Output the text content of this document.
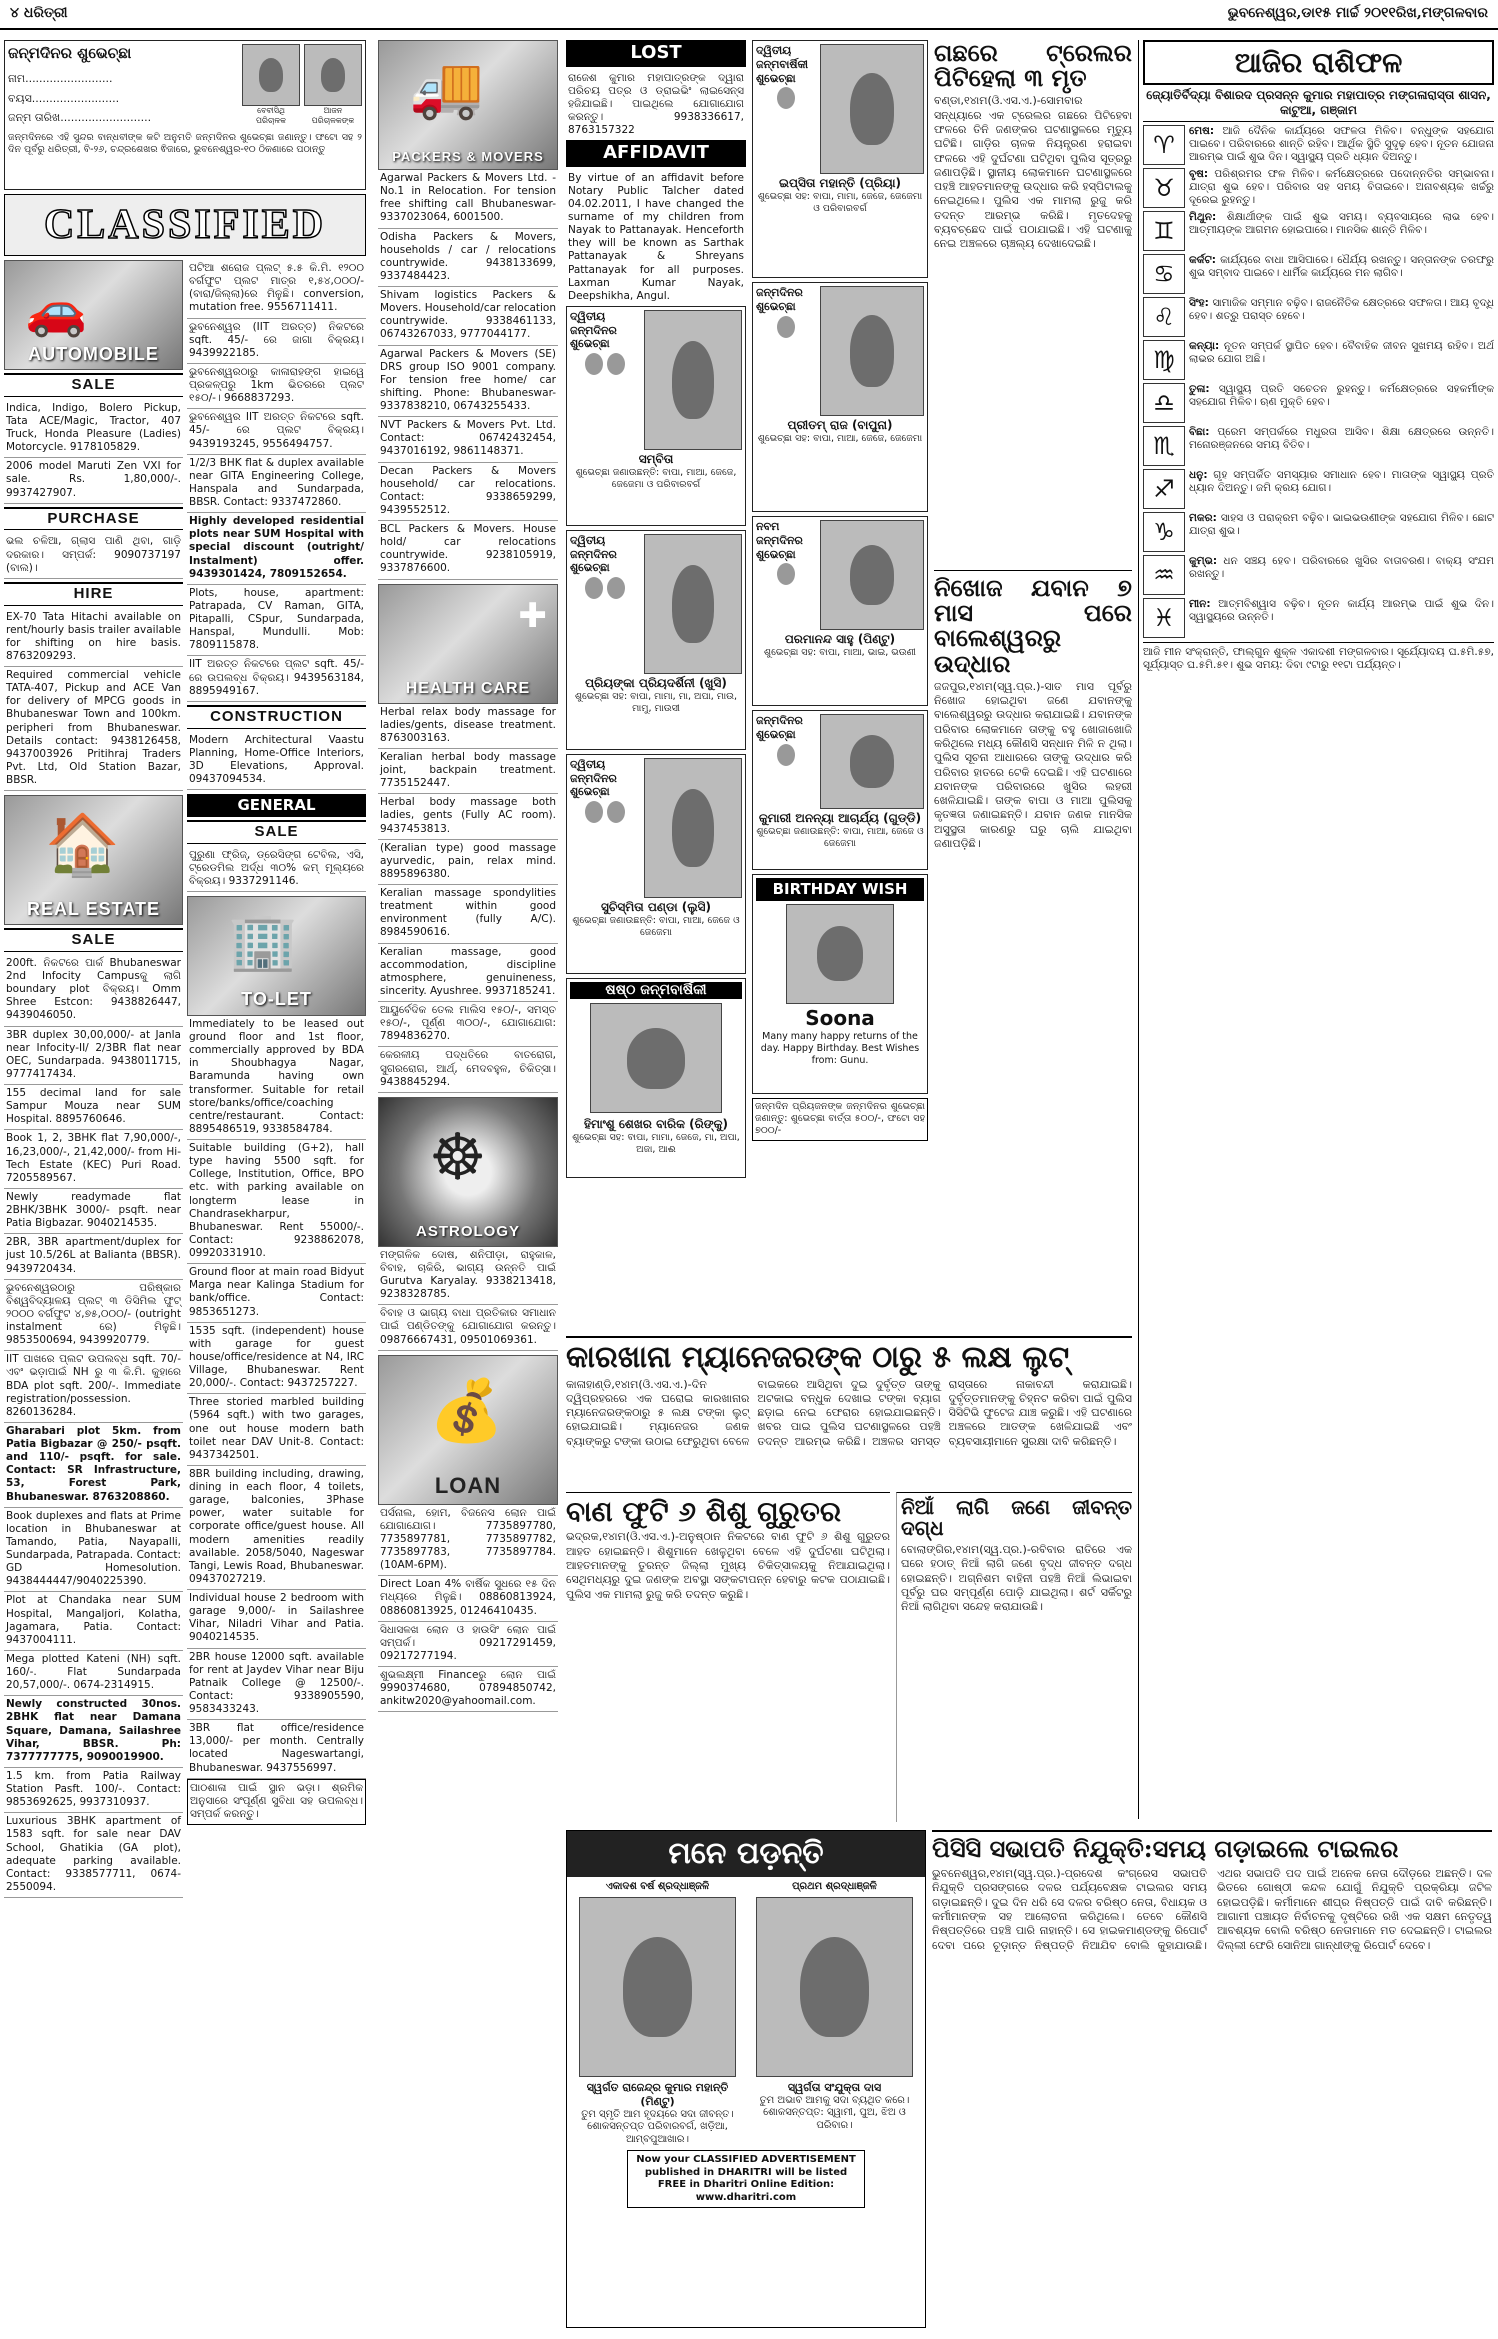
୪ ଧରିତ୍ରୀ	ଭୁବନେଶ୍ୱର,ଡା୧୫ ମାର୍ଚ୍ଚ ୨୦୧୧ରିଖ,ମଙ୍ଗଳବାର
ଜନ୍ମଦିନର ଶୁଭେଚ୍ଛା
ନାମ.........................
ବୟସ.........................
ଜନ୍ମ ତାରିଖ..........................
ବେବୀସିଥି ପରିଚାଳକ
ଆଜନ ପରିଚାଳକଙ୍କ
ଜନ୍ମଦିନରେ ଏହି ସୁନ୍ଦର ବାନ୍ଧବୀଙ୍କ କଟି ଅନୁମତି ଜନ୍ମଦିନର ଶୁଭେଚ୍ଛା ଜଣାନ୍ତୁ। ଫଟୋ ସହ ୨ ଦିନ ପୂର୍ବରୁ ଧରିତ୍ରୀ, ବି-୨୬, ଚନ୍ଦ୍ରଶେଖର ଵିଜାରେ, ଭୁବନେଶ୍ୱର-୧୦ ଠିକଣାରେ ପଠାନ୍ତୁ
CLASSIFIED
🚗
AUTOMOBILE
SALE
Indica, Indigo, Bolero Pickup, Tata ACE/Magic, Tractor, 407 Truck, Honda Pleasure (Ladies) Motorcycle. 9178105829.
2006 model Maruti Zen VXI for sale. Rs. 1,80,000/-. 9937427907.
PURCHASE
ଭଲ ଚଳିଆ, ଗ୍ଲାସ ପାଣି ଥିବା, ଗାଡ଼ି ଦରକାର। ସମ୍ପର୍କ: 9090737197 (ବାଲ)।
HIRE
EX-70 Tata Hitachi available on rent/hourly basis trailer available for shifting on hire basis. 8763209293.
Required commercial vehicle TATA-407, Pickup and ACE Van for delivery of MPCG goods in Bhubaneswar Town and 100km. peripheri from Bhubaneswar. Details contact: 9438126458, 9437003926 Pritihraj Traders Pvt. Ltd, Old Station Bazar, BBSR.
🏠
REAL ESTATE
SALE
200ft. ନିକଟରେ ପାର୍କ Bhubaneswar 2nd Infocity Campusକୁ ଲାଗି boundary plot ବିକ୍ରୟ। Omm Shree Estcon: 9438826447, 9439046050.
3BR duplex 30,00,000/- at Janla near Infocity-II/ 2/3BR flat near OEC, Sundarpada. 9438011715, 9777417434.
155 decimal land for sale Sampur Mouza near SUM Hospital. 8895760646.
Book 1, 2, 3BHK flat 7,90,000/-, 16,23,000/-, 21,42,000/- from Hi-Tech Estate (KEC) Puri Road. 7205589567.
Newly readymade flat 2BHK/3BHK 3000/- psqft. near Patia Bigbazar. 9040214535.
2BR, 3BR apartment/duplex for just 10.5/26L at Balianta (BBSR). 9439720434.
ଭୁବନେଶ୍ୱରଠାରୁ ପରିଷ୍କାର ବିଶ୍ୱବିଦ୍ୟାଳୟ ପ୍ଲଟ୍ ୩ ଡିସିମିଲ ଫୁଟ୍ ୨୦୦୦ ବର୍ଗଫୁଟ ୪,୭୫,୦୦୦/- (outright instalment ରେ) ମିଳୁଛି। 9853500694, 9439920779.
IIT ପାଖରେ ପ୍ଲଟ ଉପଲବ୍ଧ sqft. 70/- ଏବଂ ଭଡ଼ାପାଇଁ NH ରୁ ୩ କି.ମି. କୁହାରେ BDA plot sqft. 200/-. Immediate registration/possession. 8260136284.
Gharabari plot 5km. from Patia Bigbazar @ 250/- psqft. and 110/- psqft. for sale. Contact: SR Infrastructure, 53, Forest Park, Bhubaneswar. 8763208860.
Book duplexes and flats at Prime location in Bhubaneswar at Tamando, Patia, Nayapalli, Sundarpada, Patrapada. Contact: GD Homesolution. 9438444447/9040225390.
Plot at Chandaka near SUM Hospital, Mangaljori, Kolatha, Jagamara, Patia. Contact: 9437004111.
Mega plotted Kateni (NH) sqft. 160/-. Flat Sundarpada 20,57,000/-. 0674-2314915.
Newly constructed 30nos. 2BHK flat near Damana Square, Damana, Sailashree Vihar, BBSR. Ph: 7377777775, 9090019900.
1.5 km. from Patia Railway Station Pasft. 100/-. Contact: 9853692625, 9937310937.
Luxurious 3BHK apartment of 1583 sqft. for sale near DAV School, Ghatikia (GA plot), adequate parking available. Contact: 9338577711, 0674-2550094.
ପଟିଆ ଶରୋଜ ପ୍ଲଟ୍ ୫.୫ କି.ମି. ୧୨୦୦ ବର୍ଗଫୁଟ ପ୍ଲଟ ମାତ୍ର ୧,୫୪,୦୦୦/- (ବାରା/ଜିଲ୍ଲା)ରେ ମିଳୁଛି। conversion, mutation free. 9556711411.
ଭୁବନେଶ୍ୱର (IIT ଅରତ୍ତ) ନିକଟରେ sqft. 45/- ରେ ଜାଗା ବିକ୍ରୟ। 9439922185.
ଭୁବନେଶ୍ୱରଠାରୁ କାଳାରାହଙ୍ଗ ହାଇୱେ ପ୍ରକଳ୍ପରୁ 1km ଭିତରରେ ପ୍ଲଟ ୧୫୦/-। 9668837293.
ଭୁବନେଶ୍ୱର IIT ଅରତ୍ତ ନିକଟରେ sqft. 45/- ରେ ପ୍ଲଟ ବିକ୍ରୟ। 9439193245, 9556494757.
1/2/3 BHK flat & duplex available near GITA Engineering College, Hanspala and Sundarpada, BBSR. Contact: 9337472860.
Highly developed residential plots near SUM Hospital with special discount (outright/ Instalment) offer. 9439301424, 7809152654.
Plots, house, apartment: Patrapada, CV Raman, GITA, Pitapalli, CSpur, Sundarpada, Hanspal, Mundulli. Mob: 7809115878.
IIT ଅରତ୍ତ ନିକଟରେ ପ୍ଲଟ sqft. 45/- ରେ ଉପଲବ୍ଧ ବିକ୍ରୟ। 9439563184, 8895949167.
CONSTRUCTION
Modern Architectural Vaastu Planning, Home-Office Interiors, 3D Elevations, Approval. 09437094534.
GENERAL
SALE
ପୁରୁଣା ଫ୍ରିଜ୍, ଡ୍ରେସିଙ୍ଗ ଟେବିଲ, ଏସି, ଟ୍ରେଡମିଲ ଅର୍ଦ୍ଧ ୩୦% କମ୍ ମୂଲ୍ୟରେ ବିକ୍ରୟ। 9337291146.
🏢
TO-LET
Immediately to be leased out ground floor and 1st floor, commercially approved by BDA in Shoubhagya Nagar, Baramunda having own transformer. Suitable for retail store/banks/office/coaching centre/restaurant. Contact: 8895486519, 9338584784.
Suitable building (G+2), hall type having 5500 sqft. for College, Institution, Office, BPO etc. with parking available on longterm lease in Chandrasekharpur, Bhubaneswar. Rent 55000/-. Contact: 9238862078, 09920331910.
Ground floor at main road Bidyut Marga near Kalinga Stadium for bank/office. Contact: 9853651273.
1535 sqft. (independent) house with garage for guest house/office/residence at N4, IRC Village, Bhubaneswar. Rent 20,000/-. Contact: 9437257227.
Three storied marbled building (5964 sqft.) with two garages, one out house modern bath toilet near DAV Unit-8. Contact: 9437342501.
8BR building including, drawing, dining in each floor, 4 toilets, garage, balconies, 3Phase power, water suitable for corporate office/guest house. All modern amenities readily available. 2058/5040, Nageswar Tangi, Lewis Road, Bhubaneswar. 09437027219.
Individual house 2 bedroom with garage 9,000/- in Sailashree Vihar, Niladri Vihar and Patia. 9040214535.
2BR house 12000 sqft. available for rent at Jaydev Vihar near Biju Patnaik College @ 12500/-. Contact: 9338905590, 9583433243.
3BR flat office/residence 13,000/- per month. Centrally located Nageswartangi, Bhubaneswar. 9437556997.
ପାଠଶାଳା ପାଇଁ ସ୍ଥାନ ଭଡ଼ା। ଶ୍ରମିକ ଅନୁସାରେ ସଂପୂର୍ଣ୍ଣ ସୁବିଧା ସହ ଉପଲବ୍ଧ। ସମ୍ପର୍କ କରନ୍ତୁ।
🚚
PACKERS & MOVERS
Agarwal Packers & Movers Ltd. - No.1 in Relocation. For tension free shifting call Bhubaneswar-9337023064, 6001500.
Odisha Packers & Movers, households / car / relocations countrywide. 9438133699, 9337484423.
Shivam logistics Packers & Movers. Household/car relocation countrywide. 9338461133, 06743267033, 9777044177.
Agarwal Packers & Movers (SE) DRS group ISO 9001 company. For tension free home/ car shifting. Phone: Bhubaneswar- 9337838210, 06743255433.
NVT Packers & Movers Pvt. Ltd. Contact: 06742432454, 9437016192, 9861148371.
Decan Packers & Movers household/ car relocations. Contact: 9338659299, 9439552512.
BCL Packers & Movers. House hold/ car relocations countrywide. 9238105919, 9337876600.
✚
HEALTH CARE
Herbal relax body massage for ladies/gents, disease treatment. 8763003163.
Keralian herbal body massage joint, backpain treatment. 7735152447.
Herbal body massage both ladies, gents (Fully AC room). 9437453813.
(Keralian type) good massage ayurvedic, pain, relax mind. 8895896380.
Keralian massage spondylities treatment within good environment (fully A/C). 8984590616.
Keralian massage, good accommodation, discipline atmosphere, genuineness, sincerity. Ayushree. 9937185241.
ଆୟୁର୍ବେଦିକ ତେଲ ମାଲିସ ୧୫୦/-, ସମସ୍ତ ୧୫୦/-, ପୂର୍ଣ୍ଣ ୩୦୦/-, ଯୋଗାଯୋଗ: 7894836270.
କେରଳୀୟ ପଦ୍ଧତିରେ ବାତରୋଗ, ସୁଗରରୋଗ, ଆର୍ଥ୍, ମେଦବହୁଳ, ଚିକିତ୍ସା। 9438845294.
☸
ASTROLOGY
ମଙ୍ଗଳିକ ଦୋଷ, ଶନିପୀଡ଼ା, ରାହୁକାଳ, ବିବାହ, ଚାକିରି, ଭାଗ୍ୟ ଉନ୍ନତି ପାଇଁ Gurutva Karyalay. 9338213418, 9238328785.
ବିବାହ ଓ ଭାଗ୍ୟ ବାଧା ପ୍ରତିକାର ସମାଧାନ ପାଇଁ ପଣ୍ଡିତଙ୍କୁ ଯୋଗାଯୋଗ କରନ୍ତୁ। 09876667431, 09501069361.
💰
LOAN
ପର୍ସନାଲ, ହୋମ, ବିଜନେସ ଲୋନ ପାଇଁ ଯୋଗାଯୋଗ। 7735897780, 7735897781, 7735897782, 7735897783, 7735897784. (10AM-6PM).
Direct Loan 4% ବାର୍ଷିକ ସୁଧରେ ୧୫ ଦିନ ମଧ୍ୟରେ ମିଳୁଛି। 08860813924, 08860813925, 01246410435.
ସିଧାସଳଖ ଲୋନ ଓ ହାଉସିଂ ଲୋନ ପାଇଁ ସମ୍ପର୍କ। 09217291459, 09217277194.
ଶୁଭଲକ୍ଷ୍ମୀ Financeରୁ ଲୋନ ପାଇଁ 9990374680, 07894850742, ankitw2020@yahoomail.com.
LOST
ରାଜେଶ କୁମାର ମହାପାତ୍ରଙ୍କ ଦ୍ୱାରା ପରିଚୟ ପତ୍ର ଓ ଡ୍ରାଇଭିଂ ଲାଇସେନ୍ସ ହଜିଯାଇଛି। ପାଇଥିଲେ ଯୋଗାଯୋଗ କରନ୍ତୁ। 9938336617, 8763157322
AFFIDAVIT
By virtue of an affidavit before Notary Public Talcher dated 04.02.2011, I have changed the surname of my children from Nayak to Pattanayak. Henceforth they will be known as Sarthak Pattanayak & Shreyans Pattanayak for all purposes. Laxman Kumar Nayak, Deepshikha, Angul.
ଦ୍ୱିତୀୟ ଜନ୍ମଦିନର ଶୁଭେଚ୍ଛା
ସମ୍ବିତା
ଶୁଭେଚ୍ଛା ଜଣାଉଛନ୍ତି: ବାପା, ମାଆ, ଜେଜେ, ଜେଜେମା ଓ ପରିବାରବର୍ଗ
ଦ୍ୱିତୀୟ ଜନ୍ମଦିନର ଶୁଭେଚ୍ଛା
ପ୍ରିୟଙ୍କା ପ୍ରିୟଦର୍ଶିନୀ (ଖୁସି)
ଶୁଭେଚ୍ଛା ସହ: ବାପା, ମାମା, ମା, ଅପା, ମାଉ, ମାମୁ, ମାଉସୀ
ଦ୍ୱିତୀୟ ଜନ୍ମଦିନର ଶୁଭେଚ୍ଛା
ସୁଚିସ୍ମିତା ପଣ୍ଡା (ଲୁସି)
ଶୁଭେଚ୍ଛା ଜଣାଉଛନ୍ତି: ବାପା, ମାଆ, ଜେଜେ ଓ ଜେଜେମା
ଷଷ୍ଠ ଜନ୍ମବାର୍ଷିକୀ
ହିମାଂଶୁ ଶେଖର ବାରିକ (ରିଙ୍କୁ)
ଶୁଭେଚ୍ଛା ସହ: ବାପା, ମାମା, ଜେଜେ, ମା, ଅପା, ଅଜା, ଆଈ
ଦ୍ୱିତୀୟ ଜନ୍ମବାର୍ଷିକୀ ଶୁଭେଚ୍ଛା
ଇପ୍‌ସିତା ମହାନ୍ତି (ପ୍ରିୟା)
ଶୁଭେଚ୍ଛା ସହ: ବାପା, ମାମା, ଜେଜେ, ଜେଜେମା ଓ ପରିବାରବର୍ଗ
ଜନ୍ମଦିନର ଶୁଭେଚ୍ଛା
ପ୍ରୀତମ୍ ରାଜ (ବାପୁନା)
ଶୁଭେଚ୍ଛା ସହ: ବାପା, ମାଆ, ଜେଜେ, ଜେଜେମା
ନବମ ଜନ୍ମଦିନର ଶୁଭେଚ୍ଛା
ପରମାନନ୍ଦ ସାହୁ (ପିଣ୍ଟୁ)
ଶୁଭେଚ୍ଛା ସହ: ବାପା, ମାଆ, ଭାଇ, ଭଉଣୀ
ଜନ୍ମଦିନର ଶୁଭେଚ୍ଛା
କୁମାରୀ ଅନନ୍ୟା ଆଚାର୍ଯ୍ୟ (ଗୁଡ୍ଡି)
ଶୁଭେଚ୍ଛା ଜଣାଉଛନ୍ତି: ବାପା, ମାଆ, ଜେଜେ ଓ ଜେଜେମା
BIRTHDAY WISH
Soona
Many many happy returns of the day. Happy Birthday. Best Wishes from: Gunu.
ଜନ୍ମଦିନ ପ୍ରିୟଜନଙ୍କ ଜନ୍ମଦିନର ଶୁଭେଚ୍ଛା ଜଣାନ୍ତୁ: ଶୁଭେଚ୍ଛା ବାର୍ତ୍ତା ୫୦୦/-, ଫଟୋ ସହ ୭୦୦/-
ଗଛରେ ଟ୍ରେଲର ପିଟିହେଲା ୩ ମୃତ
ବଣ୍ଡା,୧୪ାମ(ଓି.ଏସ.ଏ.)-ସୋମବାର ସନ୍ଧ୍ୟାରେ ଏକ ଟ୍ରେଲର ଗଛରେ ପିଟିହେବା ଫଳରେ ତିନି ଜଣଙ୍କର ଘଟଣାସ୍ଥଳରେ ମୃତ୍ୟୁ ଘଟିଛି। ଗାଡ଼ିର ଚାଳକ ନିୟନ୍ତ୍ରଣ ହରାଇବା ଫଳରେ ଏହି ଦୁର୍ଘଟଣା ଘଟିଥିବା ପୁଲିସ ସୂତ୍ରରୁ ଜଣାପଡ଼ିଛି। ସ୍ଥାନୀୟ ଲୋକମାନେ ଘଟଣାସ୍ଥଳରେ ପହଞ୍ଚି ଆହତମାନଙ୍କୁ ଉଦ୍ଧାର କରି ହସ୍ପିଟାଲକୁ ନେଇଥିଲେ। ପୁଲିସ ଏକ ମାମଲା ରୁଜୁ କରି ତଦନ୍ତ ଆରମ୍ଭ କରିଛି। ମୃତଦେହକୁ ବ୍ୟବଚ୍ଛେଦ ପାଇଁ ପଠାଯାଇଛି। ଏହି ଘଟଣାକୁ ନେଇ ଅଞ୍ଚଳରେ ଚାଞ୍ଚଲ୍ୟ ଦେଖାଦେଇଛି।
ନିଖୋଜ ଯବାନ ୭ ମାସ ପରେ ବାଲେଶ୍ୱରରୁ ଉଦ୍ଧାର
ଜଜପୁର,୧୪ାମ(ସ୍ୱ.ପ୍ର.)-ସାତ ମାସ ପୂର୍ବରୁ ନିଖୋଜ ହୋଇଥିବା ଜଣେ ଯବାନଙ୍କୁ ବାଲେଶ୍ୱରରୁ ଉଦ୍ଧାର କରାଯାଇଛି। ଯବାନଙ୍କ ପରିବାର ଲୋକମାନେ ତାଙ୍କୁ ବହୁ ଖୋଜାଖୋଜି କରିଥିଲେ ମଧ୍ୟ କୌଣସି ସନ୍ଧାନ ମିଳି ନ ଥିଲା। ପୁଲିସ ସୂଚନା ଆଧାରରେ ତାଙ୍କୁ ଉଦ୍ଧାର କରି ପରିବାର ହାତରେ ଟେକି ଦେଇଛି। ଏହି ଘଟଣାରେ ଯବାନଙ୍କ ପରିବାରରେ ଖୁସିର ଲହରୀ ଖେଳିଯାଇଛି। ତାଙ୍କ ବାପା ଓ ମାଆ ପୁଲିସକୁ କୃତଜ୍ଞତା ଜଣାଇଛନ୍ତି। ଯବାନ ଜଣକ ମାନସିକ ଅସୁସ୍ଥତା କାରଣରୁ ଘରୁ ଚାଲି ଯାଇଥିବା ଜଣାପଡ଼ିଛି।
କାରଖାନା ମ୍ୟାନେଜରଙ୍କ ଠାରୁ ୫ ଲକ୍ଷ ଲୁଟ୍
କାଳାହାଣ୍ଡି,୧୪ାମ(ଓି.ଏସ.ଏ.)-ଦିନ ଦ୍ୱିପ୍ରହରରେ ଏକ ଘରୋଇ କାରଖାନାର ମ୍ୟାନେଜରଙ୍କଠାରୁ ୫ ଲକ୍ଷ ଟଙ୍କା ଲୁଟ୍ ହୋଇଯାଇଛି। ମ୍ୟାନେଜର ଜଣକ ବ୍ୟାଙ୍କରୁ ଟଙ୍କା ଉଠାଇ ଫେରୁଥିବା ବେଳେ ବାଇକରେ ଆସିଥିବା ଦୁଇ ଦୁର୍ବୃତ୍ତ ତାଙ୍କୁ ଅଟକାଇ ବନ୍ଧୁକ ଦେଖାଇ ଟଙ୍କା ବ୍ୟାଗ ଛଡ଼ାଇ ନେଇ ଫେରାର ହୋଇଯାଇଛନ୍ତି। ଖବର ପାଇ ପୁଲିସ ଘଟଣାସ୍ଥଳରେ ପହଞ୍ଚି ତଦନ୍ତ ଆରମ୍ଭ କରିଛି। ଅଞ୍ଚଳର ସମସ୍ତ ରାସ୍ତାରେ ନାକାବନ୍ଦୀ କରାଯାଇଛି। ଦୁର୍ବୃତ୍ତମାନଙ୍କୁ ଚିହ୍ନଟ କରିବା ପାଇଁ ପୁଲିସ ସିସିଟିଭି ଫୁଟେଜ ଯାଞ୍ଚ କରୁଛି। ଏହି ଘଟଣାରେ ଅଞ୍ଚଳରେ ଆତଙ୍କ ଖେଳିଯାଇଛି ଏବଂ ବ୍ୟବସାୟୀମାନେ ସୁରକ୍ଷା ଦାବି କରିଛନ୍ତି।
ବାଣ ଫୁଟି ୬ ଶିଶୁ ଗୁରୁତର
ଭଦ୍ରକ,୧୪ାମ(ଓି.ଏସ.ଏ.)-ଅନୁଷ୍ଠାନ ନିକଟରେ ବାଣ ଫୁଟି ୬ ଶିଶୁ ଗୁରୁତର ଆହତ ହୋଇଛନ୍ତି। ଶିଶୁମାନେ ଖେଳୁଥିବା ବେଳେ ଏହି ଦୁର୍ଘଟଣା ଘଟିଥିଲା। ଆହତମାନଙ୍କୁ ତୁରନ୍ତ ଜିଲ୍ଲା ମୁଖ୍ୟ ଚିକିତ୍ସାଳୟକୁ ନିଆଯାଇଥିଲା। ସେଥିମଧ୍ୟରୁ ଦୁଇ ଜଣଙ୍କ ଅବସ୍ଥା ସଙ୍କଟାପନ୍ନ ହେବାରୁ କଟକ ପଠାଯାଇଛି। ପୁଲିସ ଏକ ମାମଲା ରୁଜୁ କରି ତଦନ୍ତ କରୁଛି।
ନିଆଁ ଲାଗି ଜଣେ ଜୀବନ୍ତ ଦଗ୍ଧ
ବୋଲାଙ୍ଗିର,୧୪ାମ(ସ୍ୱ.ପ୍ର.)-ରବିବାର ରାତିରେ ଏକ ଘରେ ହଠାତ୍ ନିଆଁ ଲାଗି ଜଣେ ବୃଦ୍ଧ ଜୀବନ୍ତ ଦଗ୍ଧ ହୋଇଛନ୍ତି। ଅଗ୍ନିଶମ ବାହିନୀ ପହଞ୍ଚି ନିଆଁ ଲିଭାଇବା ପୂର୍ବରୁ ଘର ସମ୍ପୂର୍ଣ୍ଣ ପୋଡ଼ି ଯାଇଥିଲା। ଶର୍ଟ ସର୍କିଟରୁ ନିଆଁ ଲାଗିଥିବା ସନ୍ଦେହ କରାଯାଉଛି।
ମନେ ପଡ଼ନ୍ତି
ଏକାଦଶ ବର୍ଷ ଶ୍ରଦ୍ଧାଞ୍ଜଳି
ସ୍ୱର୍ଗତ ରାଜେନ୍ଦ୍ର କୁମାର ମହାନ୍ତି (ମିଣ୍ଟୁ)
ତୁମ ସ୍ମୃତି ଆମ ହୃଦୟରେ ସଦା ଜୀବନ୍ତ। ଶୋକସନ୍ତପ୍ତ ପରିବାରବର୍ଗ, ଖଡ଼ିଆ, ଆମ୍ବପୁଆଖାର।
ପ୍ରଥମ ଶ୍ରଦ୍ଧାଞ୍ଜଳି
ସ୍ୱର୍ଗତା ସଂଯୁକ୍ତା ଦାସ
ତୁମ ଅଭାବ ଆମକୁ ସଦା ବ୍ୟଥିତ କରେ। ଶୋକସନ୍ତପ୍ତ: ସ୍ୱାମୀ, ପୁଅ, ଝିଅ ଓ ପରିବାର।
Now your CLASSIFIED ADVERTISEMENT published in DHARITRI will be listed FREE in Dharitri Online Edition: www.dharitri.com
ପିସିସି ସଭାପତି ନିଯୁକ୍ତି:ସମୟ ଗଡ଼ାଇଲେ ଟାଇଲର
ଭୁବନେଶ୍ୱର,୧୪ାମ(ସ୍ୱ.ପ୍ର.)-ପ୍ରଦେଶ କଂଗ୍ରେସ ସଭାପତି ନିଯୁକ୍ତି ପ୍ରସଙ୍ଗରେ ଦଳର ପର୍ଯ୍ୟବେକ୍ଷକ ଟାଇଲର ସମୟ ଗଡ଼ାଇଛନ୍ତି। ଦୁଇ ଦିନ ଧରି ସେ ଦଳର ବରିଷ୍ଠ ନେତା, ବିଧାୟକ ଓ କର୍ମୀମାନଙ୍କ ସହ ଆଲୋଚନା କରିଥିଲେ। ତେବେ କୌଣସି ନିଷ୍ପତ୍ତିରେ ପହଞ୍ଚି ପାରି ନାହାନ୍ତି। ସେ ହାଇକମାଣ୍ଡଙ୍କୁ ରିପୋର୍ଟ ଦେବା ପରେ ଚୂଡ଼ାନ୍ତ ନିଷ୍ପତ୍ତି ନିଆଯିବ ବୋଲି କୁହାଯାଉଛି। ଏଥର ସଭାପତି ପଦ ପାଇଁ ଅନେକ ନେତା ଦୌଡ଼ରେ ଅଛନ୍ତି। ଦଳ ଭିତରେ ଗୋଷ୍ଠୀ କନ୍ଦଳ ଯୋଗୁଁ ନିଯୁକ୍ତି ପ୍ରକ୍ରିୟା ଜଟିଳ ହୋଇପଡ଼ିଛି। କର୍ମୀମାନେ ଶୀଘ୍ର ନିଷ୍ପତ୍ତି ପାଇଁ ଦାବି କରିଛନ୍ତି। ଆଗାମୀ ପଞ୍ଚାୟତ ନିର୍ବାଚନକୁ ଦୃଷ୍ଟିରେ ରଖି ଏକ ସକ୍ଷମ ନେତୃତ୍ୱ ଆବଶ୍ୟକ ବୋଲି ବରିଷ୍ଠ ନେତାମାନେ ମତ ଦେଇଛନ୍ତି। ଟାଇଲର ଦିଲ୍ଲୀ ଫେରି ସୋନିଆ ଗାନ୍ଧୀଙ୍କୁ ରିପୋର୍ଟ ଦେବେ।
ଆଜିର ରାଶିଫଳ
ଜ୍ୟୋତିର୍ବିଦ୍ୟା ବିଶାରଦ ପ୍ରସନ୍ନ କୁମାର ମହାପାତ୍ର ମଙ୍ଗଳାରାସ୍ତା ଶାସନ, କାଟୁଆ, ଗଞ୍ଜାମ
♈	ମେଷ: ଆଜି ଦୈନିକ କାର୍ଯ୍ୟରେ ସଫଳତା ମିଳିବ। ବନ୍ଧୁଙ୍କ ସହଯୋଗ ପାଇବେ। ପରିବାରରେ ଶାନ୍ତି ରହିବ। ଆର୍ଥିକ ସ୍ଥିତି ସୁଦୃଢ଼ ହେବ। ନୂତନ ଯୋଜନା ଆରମ୍ଭ ପାଇଁ ଶୁଭ ଦିନ। ସ୍ୱାସ୍ଥ୍ୟ ପ୍ରତି ଧ୍ୟାନ ଦିଅନ୍ତୁ।
♉	ବୃଷ: ପରିଶ୍ରମର ଫଳ ମିଳିବ। କର୍ମକ୍ଷେତ୍ରରେ ପଦୋନ୍ନତିର ସମ୍ଭାବନା। ଯାତ୍ରା ଶୁଭ ହେବ। ପରିବାର ସହ ସମୟ ବିତାଇବେ। ଅନାବଶ୍ୟକ ଖର୍ଚ୍ଚରୁ ଦୂରେଇ ରୁହନ୍ତୁ।
♊	ମିଥୁନ: ଶିକ୍ଷାର୍ଥୀଙ୍କ ପାଇଁ ଶୁଭ ସମୟ। ବ୍ୟବସାୟରେ ଲାଭ ହେବ। ଆତ୍ମୀୟଙ୍କ ଆଗମନ ହୋଇପାରେ। ମାନସିକ ଶାନ୍ତି ମିଳିବ।
♋	କର୍କଟ: କାର୍ଯ୍ୟରେ ବାଧା ଆସିପାରେ। ଧୈର୍ଯ୍ୟ ରଖନ୍ତୁ। ସନ୍ତାନଙ୍କ ତରଫରୁ ଶୁଭ ସମ୍ବାଦ ପାଇବେ। ଧାର୍ମିକ କାର୍ଯ୍ୟରେ ମନ ଲାଗିବ।
♌	ସିଂହ: ସାମାଜିକ ସମ୍ମାନ ବଢ଼ିବ। ରାଜନୈତିକ କ୍ଷେତ୍ରରେ ସଫଳତା। ଆୟ ବୃଦ୍ଧି ହେବ। ଶତ୍ରୁ ପରାସ୍ତ ହେବେ।
♍	କନ୍ୟା: ନୂତନ ସମ୍ପର୍କ ସ୍ଥାପିତ ହେବ। ବୈବାହିକ ଜୀବନ ସୁଖମୟ ରହିବ। ଅର୍ଥ ଲାଭର ଯୋଗ ଅଛି।
♎	ତୁଳା: ସ୍ୱାସ୍ଥ୍ୟ ପ୍ରତି ସଚେତନ ରୁହନ୍ତୁ। କର୍ମକ୍ଷେତ୍ରରେ ସହକର୍ମୀଙ୍କ ସହଯୋଗ ମିଳିବ। ଋଣ ମୁକ୍ତି ହେବ।
♏	ବିଛା: ପ୍ରେମ ସମ୍ପର୍କରେ ମଧୁରତା ଆସିବ। ଶିକ୍ଷା କ୍ଷେତ୍ରରେ ଉନ୍ନତି। ମନୋରଞ୍ଜନରେ ସମୟ ବିତିବ।
♐	ଧନୁ: ଗୃହ ସମ୍ପର୍କିତ ସମସ୍ୟାର ସମାଧାନ ହେବ। ମାତାଙ୍କ ସ୍ୱାସ୍ଥ୍ୟ ପ୍ରତି ଧ୍ୟାନ ଦିଅନ୍ତୁ। ଜମି କ୍ରୟ ଯୋଗ।
♑	ମକର: ସାହସ ଓ ପରାକ୍ରମ ବଢ଼ିବ। ଭାଇଭଉଣୀଙ୍କ ସହଯୋଗ ମିଳିବ। ଛୋଟ ଯାତ୍ରା ଶୁଭ।
♒	କୁମ୍ଭ: ଧନ ସଞ୍ଚୟ ହେବ। ପରିବାରରେ ଖୁସିର ବାତାବରଣ। ବାକ୍ୟ ସଂଯମ ରଖନ୍ତୁ।
♓	ମୀନ: ଆତ୍ମବିଶ୍ୱାସ ବଢ଼ିବ। ନୂତନ କାର୍ଯ୍ୟ ଆରମ୍ଭ ପାଇଁ ଶୁଭ ଦିନ। ସ୍ୱାସ୍ଥ୍ୟରେ ଉନ୍ନତି।
ଆଜି ମୀନ ସଂକ୍ରାନ୍ତି, ଫାଲ୍ଗୁନ ଶୁକ୍ଳ ଏକାଦଶୀ ମଙ୍ଗଳବାର। ସୂର୍ଯ୍ୟୋଦୟ ଘ.୫ମି.୫୭, ସୂର୍ଯ୍ୟାସ୍ତ ଘ.୫ମି.୫୧। ଶୁଭ ସମୟ: ଦିବା ୯ଟାରୁ ୧୧ଟା ପର୍ଯ୍ୟନ୍ତ।
